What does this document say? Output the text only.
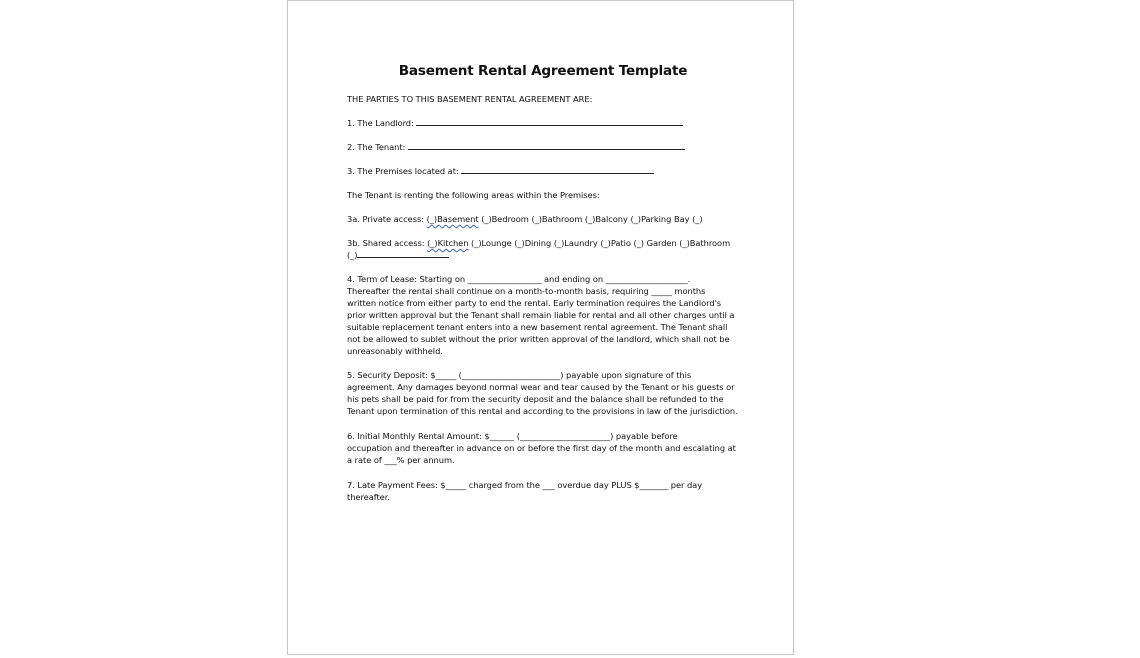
Basement Rental Agreement Template
THE PARTIES TO THIS BASEMENT RENTAL AGREEMENT ARE:
1. The Landlord:
2. The Tenant:
3. The Premises located at:
The Tenant is renting the following areas within the Premises:
3a. Private access: (_)Basement (_)Bedroom (_)Bathroom (_)Balcony (_)Parking Bay (_)
3b. Shared access: (_)Kitchen (_)Lounge (_)Dining (_)Laundry (_)Patio (_) Garden (_)Bathroom
(_)
4. Term of Lease: Starting on __________________ and ending on ____________________.
Thereafter the rental shall continue on a month-to-month basis, requiring _____ months
written notice from either party to end the rental. Early termination requires the Landlord's
prior written approval but the Tenant shall remain liable for rental and all other charges until a
suitable replacement tenant enters into a new basement rental agreement. The Tenant shall
not be allowed to sublet without the prior written approval of the landlord, which shall not be
unreasonably withheld.
5. Security Deposit: $_____ (________________________) payable upon signature of this
agreement. Any damages beyond normal wear and tear caused by the Tenant or his guests or
his pets shall be paid for from the security deposit and the balance shall be refunded to the
Tenant upon termination of this rental and according to the provisions in law of the jurisdiction.
6. Initial Monthly Rental Amount: $______ (______________________) payable before
occupation and thereafter in advance on or before the first day of the month and escalating at
a rate of ___% per annum.
7. Late Payment Fees: $_____ charged from the ___ overdue day PLUS $_______ per day
thereafter.
